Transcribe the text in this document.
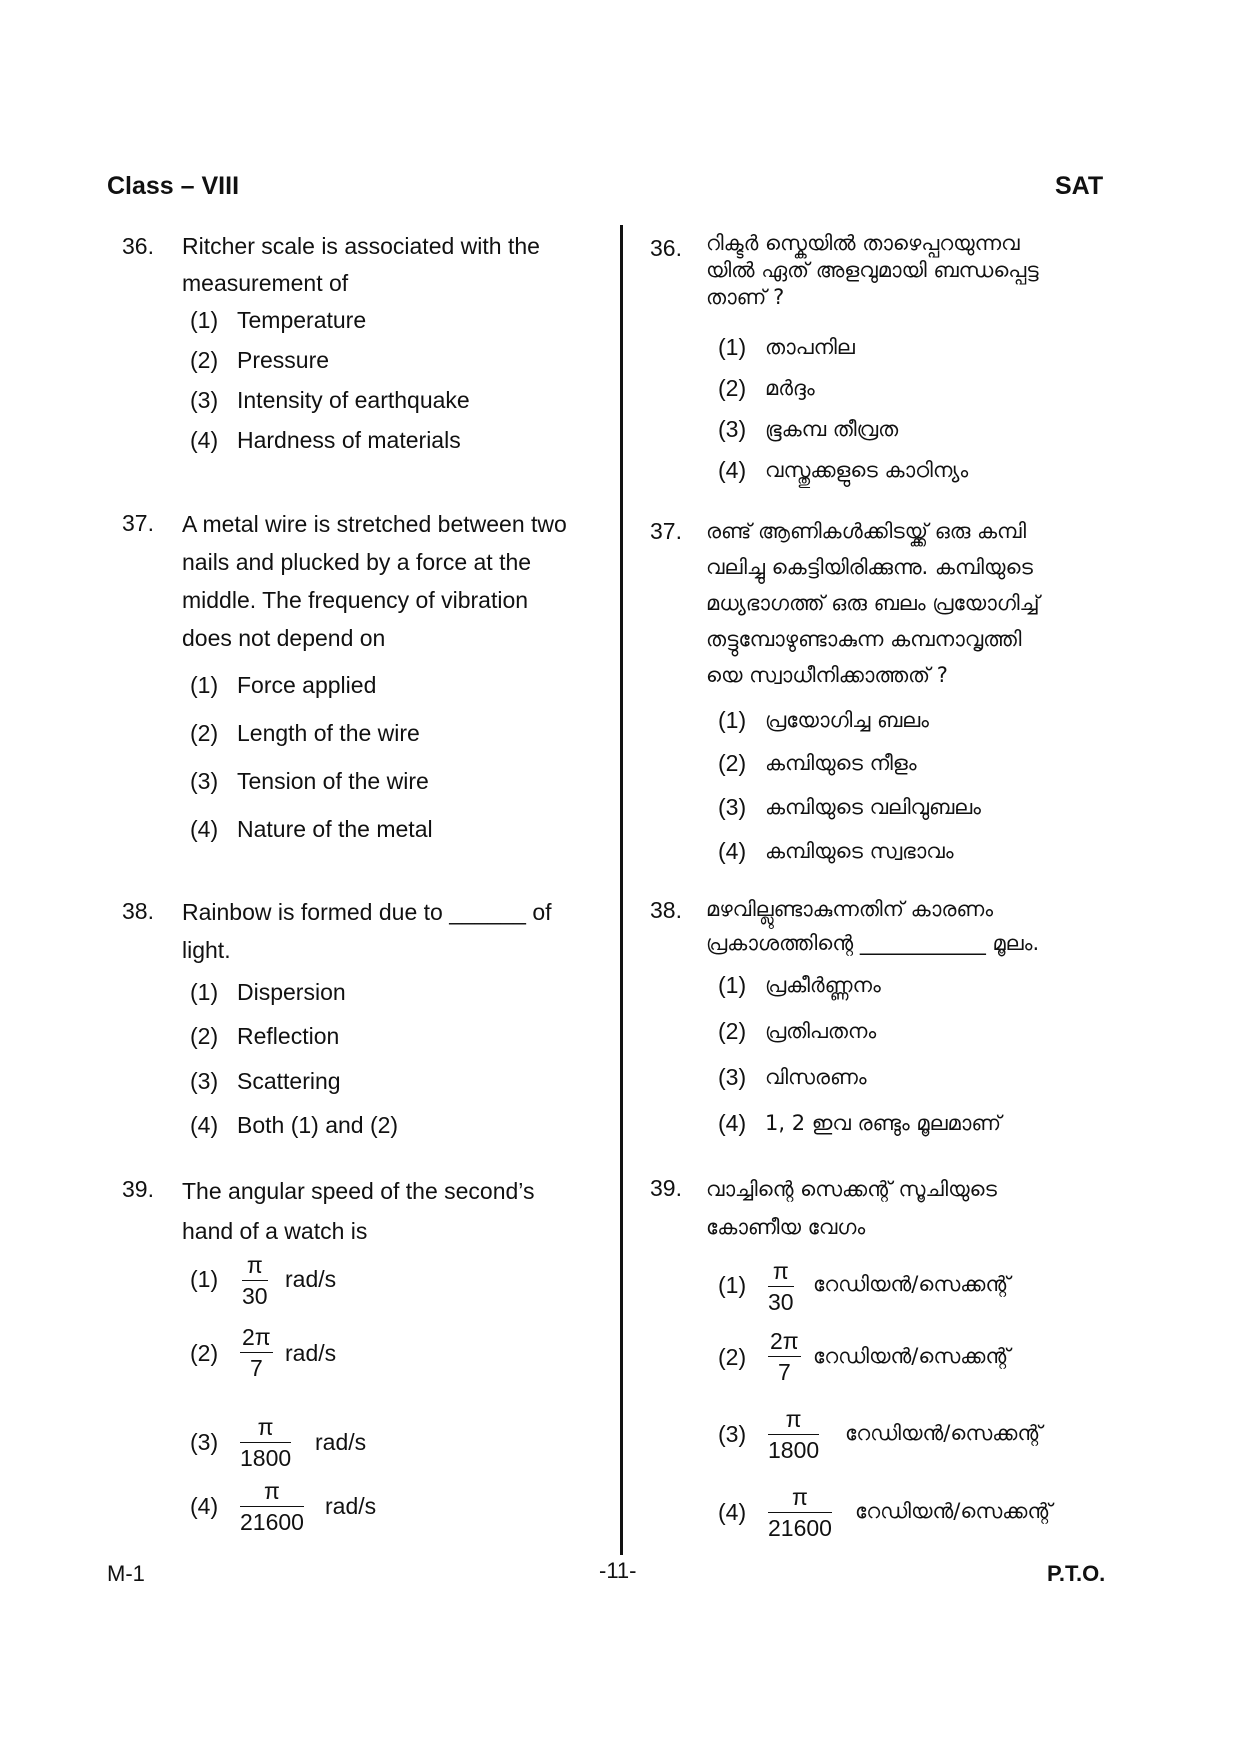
Class – VIII	SAT
36. Ritcher scale is associated with the
measurement of
(1) Temperature
(2) Pressure
(3) Intensity of earthquake
(4) Hardness of materials
37. A metal wire is stretched between two
nails and plucked by a force at the
middle. The frequency of vibration
does not depend on
(1) Force applied
(2) Length of the wire
(3) Tension of the wire
(4) Nature of the metal
38. Rainbow is formed due to ______ of
light.
(1) Dispersion
(2) Reflection
(3) Scattering
(4) Both (1) and (2)
39. The angular speed of the second’s
hand of a watch is
$(1) \frac{\pi}{30} rad/s$
$(2) \frac{2\pi}{7} rad/s$
$(3) \frac{\pi}{1800} rad/s$
$(4) \frac{\pi}{21600} rad/s$
36. റിക്ടർ സ്കെയിൽ താഴെപ്പറയുന്നവ
യിൽ ഏത് അളവുമായി ബന്ധപ്പെട്ട
താണ് ?
(1) താപനില
(2) മർദ്ദം
(3) ഭൂകമ്പ തീവ്രത
(4) വസ്തുക്കളുടെ കാഠിന്യം
37. രണ്ട് ആണികൾക്കിടയ്ക്ക് ഒരു കമ്പി
വലിച്ചു കെട്ടിയിരിക്കുന്നു. കമ്പിയുടെ
മധ്യഭാഗത്ത് ഒരു ബലം പ്രയോഗിച്ച്
തട്ടുമ്പോഴുണ്ടാകുന്ന കമ്പനാവൃത്തി
യെ സ്വാധീനിക്കാത്തത് ?
(1) പ്രയോഗിച്ച ബലം
(2) കമ്പിയുടെ നീളം
(3) കമ്പിയുടെ വലിവുബലം
(4) കമ്പിയുടെ സ്വഭാവം
38. മഴവില്ലുണ്ടാകുന്നതിന് കാരണം
പ്രകാശത്തിന്റെ ____________ മൂലം.
(1) പ്രകീർണ്ണനം
(2) പ്രതിപതനം
(3) വിസരണം
(4) 1, 2 ഇവ രണ്ടും മൂലമാണ്
39. വാച്ചിന്റെ സെക്കന്റ് സൂചിയുടെ
കോണീയ വേഗം
$(1) \frac{\pi}{30}$ റേഡിയൻ/സെക്കന്റ്
$(2) \frac{2\pi}{7}$ റേഡിയൻ/സെക്കന്റ്
$(3) \frac{\pi}{1800}$ റേഡിയൻ/സെക്കന്റ്
$(4) \frac{\pi}{21600}$ റേഡിയൻ/സെക്കന്റ്
M-1	-11-	P.T.O.
